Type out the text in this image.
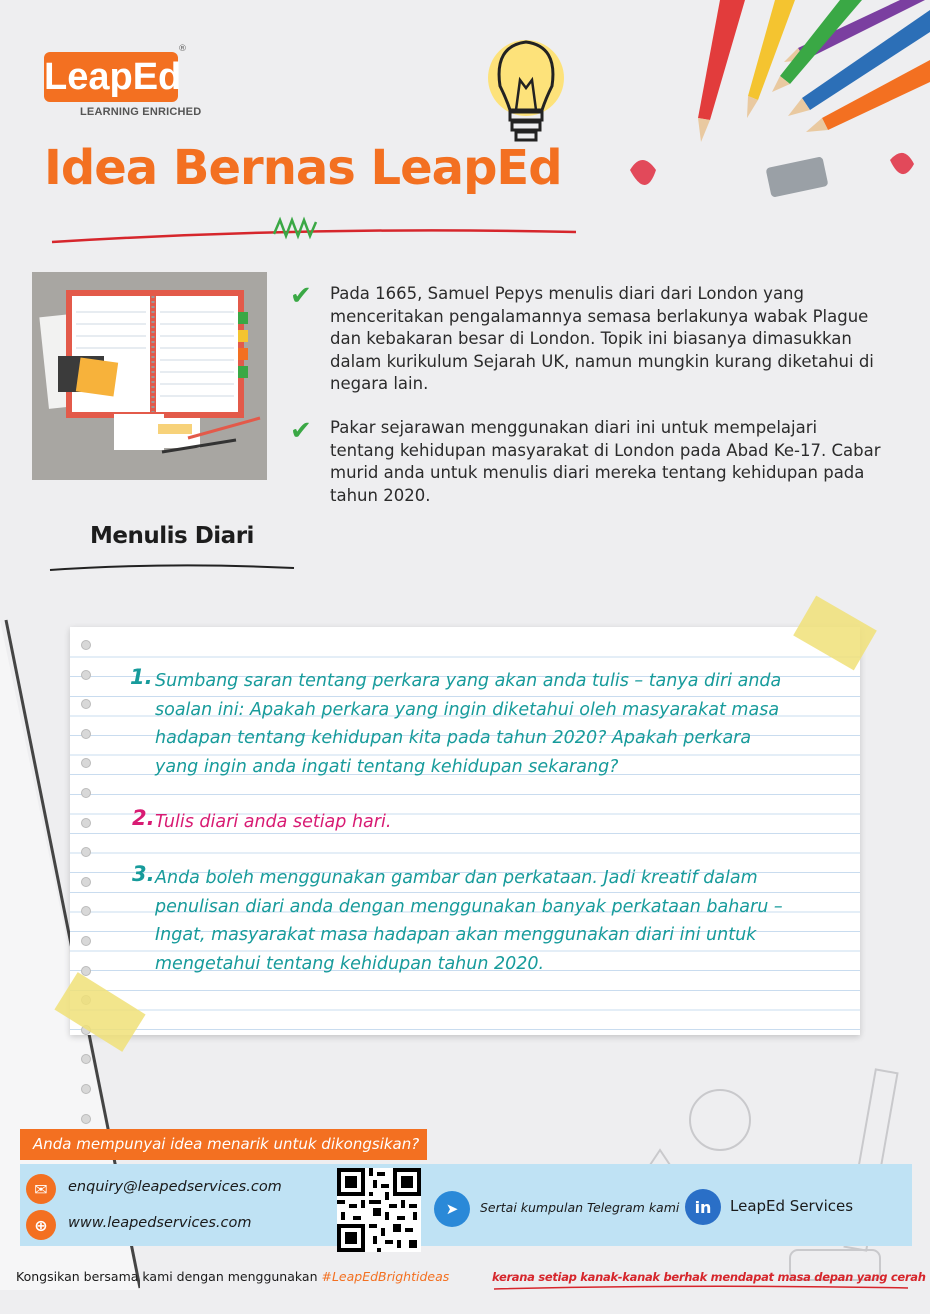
LeapEd
®
LEARNING ENRICHED
Idea Bernas LeapEd
✔ Pada 1665, Samuel Pepys menulis diari dari London yang menceritakan pengalamannya semasa berlakunya wabak Plague dan kebakaran besar di London. Topik ini biasanya dimasukkan dalam kurikulum Sejarah UK, namun mungkin kurang diketahui di negara lain.
✔ Pakar sejarawan menggunakan diari ini untuk mempelajari tentang kehidupan masyarakat di London pada Abad Ke-17. Cabar murid anda untuk menulis diari mereka tentang kehidupan pada tahun 2020.
Menulis Diari
1. Sumbang saran tentang perkara yang akan anda tulis – tanya diri anda soalan ini: Apakah perkara yang ingin diketahui oleh masyarakat masa hadapan tentang kehidupan kita pada tahun 2020? Apakah perkara yang ingin anda ingati tentang kehidupan sekarang?
2. Tulis diari anda setiap hari.
3. Anda boleh menggunakan gambar dan perkataan. Jadi kreatif dalam penulisan diari anda dengan menggunakan banyak perkataan baharu – Ingat, masyarakat masa hadapan akan menggunakan diari ini untuk mengetahui tentang kehidupan tahun 2020.
Anda mempunyai idea menarik untuk dikongsikan?
✉	enquiry@leapedservices.com
⊕	www.leapedservices.com
➤	Sertai kumpulan Telegram kami in	LeapEd Services
Kongsikan bersama kami dengan menggunakan #LeapEdBrightideas	kerana setiap kanak-kanak berhak mendapat masa depan yang cerah
